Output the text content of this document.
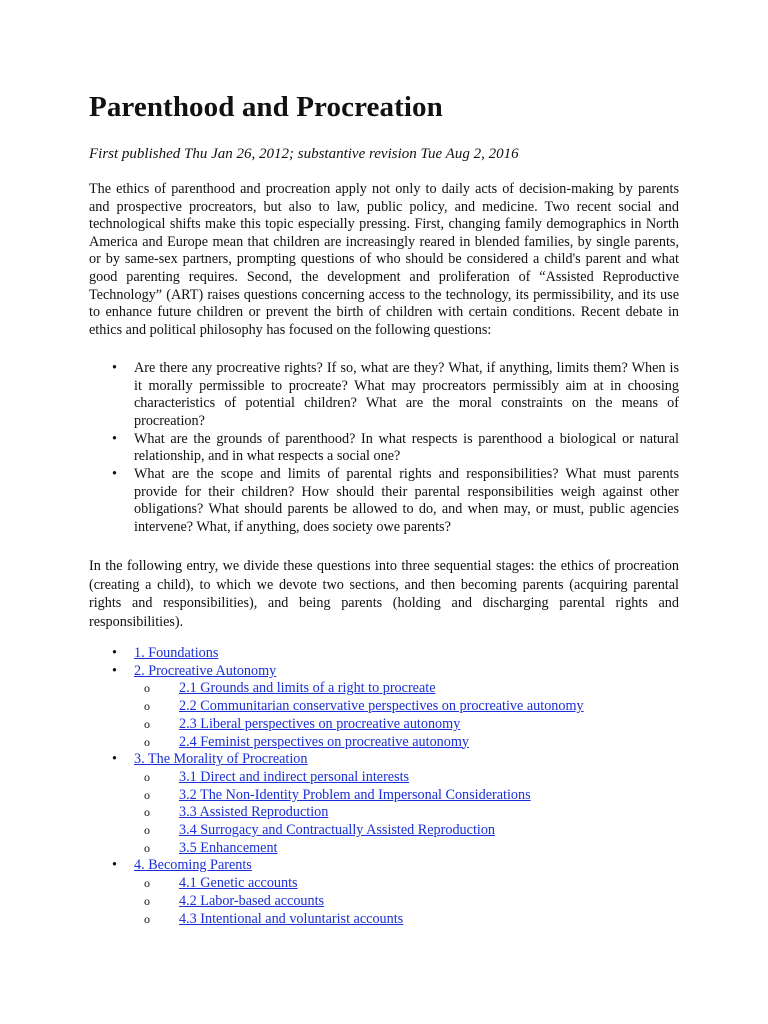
Parenthood and Procreation

First published Thu Jan 26, 2012; substantive revision Tue Aug 2, 2016

The ethics of parenthood and procreation apply not only to daily acts of decision-making by parents and prospective procreators, but also to law, public policy, and medicine. Two recent social and technological shifts make this topic especially pressing. First, changing family demographics in North America and Europe mean that children are increasingly reared in blended families, by single parents, or by same-sex partners, prompting questions of who should be considered a child's parent and what good parenting requires. Second, the development and proliferation of “Assisted Reproductive Technology” (ART) raises questions concerning access to the technology, its permissibility, and its use to enhance future children or prevent the birth of children with certain conditions. Recent debate in ethics and political philosophy has focused on the following questions:

• Are there any procreative rights? If so, what are they? What, if anything, limits them? When is it morally permissible to procreate? What may procreators permissibly aim at in choosing characteristics of potential children? What are the moral constraints on the means of procreation?
• What are the grounds of parenthood? In what respects is parenthood a biological or natural relationship, and in what respects a social one?
• What are the scope and limits of parental rights and responsibilities? What must parents provide for their children? How should their parental responsibilities weigh against other obligations? What should parents be allowed to do, and when may, or must, public agencies intervene? What, if anything, does society owe parents?

In the following entry, we divide these questions into three sequential stages: the ethics of procreation (creating a child), to which we devote two sections, and then becoming parents (acquiring parental rights and responsibilities), and being parents (holding and discharging parental rights and responsibilities).

• 1. Foundations
• 2. Procreative Autonomy
o 2.1 Grounds and limits of a right to procreate
o 2.2 Communitarian conservative perspectives on procreative autonomy
o 2.3 Liberal perspectives on procreative autonomy
o 2.4 Feminist perspectives on procreative autonomy
• 3. The Morality of Procreation
o 3.1 Direct and indirect personal interests
o 3.2 The Non-Identity Problem and Impersonal Considerations
o 3.3 Assisted Reproduction
o 3.4 Surrogacy and Contractually Assisted Reproduction
o 3.5 Enhancement
• 4. Becoming Parents
o 4.1 Genetic accounts
o 4.2 Labor-based accounts
o 4.3 Intentional and voluntarist accounts
